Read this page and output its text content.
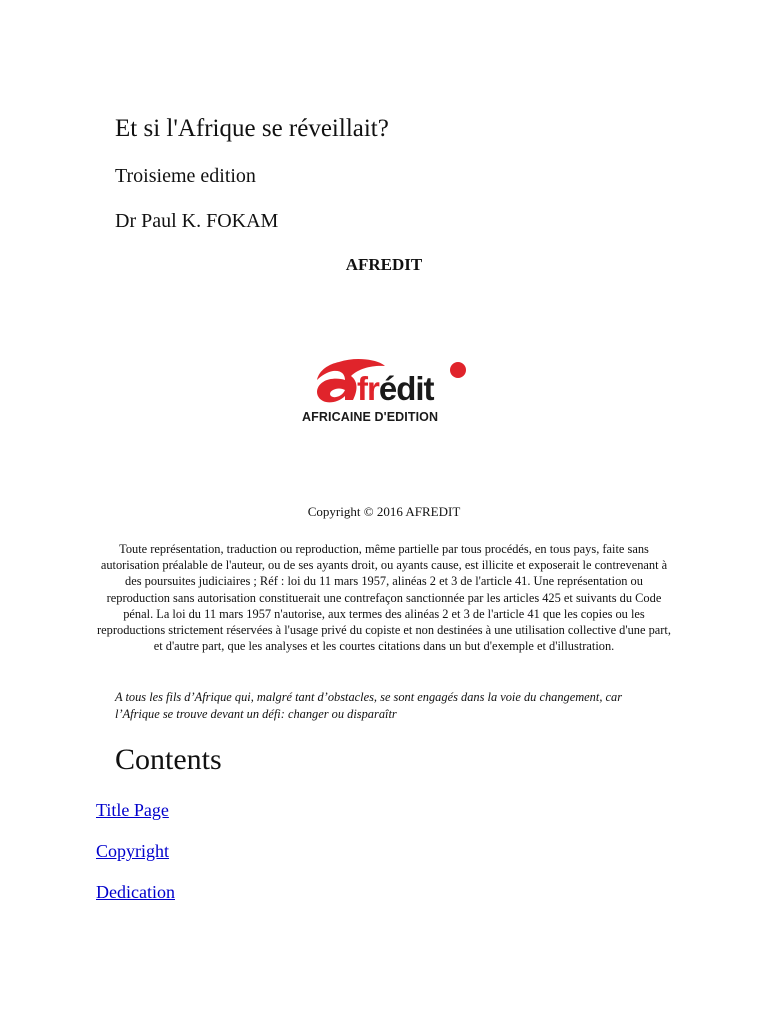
Et si l'Afrique se réveillait?
Troisieme edition
Dr Paul K. FOKAM
AFREDIT
frédit
AFRICAINE D'EDITION
Copyright © 2016 AFREDIT
Toute représentation, traduction ou reproduction, même partielle par tous procédés, en tous pays, faite sans autorisation préalable de l'auteur, ou de ses ayants droit, ou ayants cause, est illicite et exposerait le contrevenant à des poursuites judiciaires ; Réf : loi du 11 mars 1957, alinéas 2 et 3 de l'article 41. Une représentation ou reproduction sans autorisation constituerait une contrefaçon sanctionnée par les articles 425 et suivants du Code pénal. La loi du 11 mars 1957 n'autorise, aux termes des alinéas 2 et 3 de l'article 41 que les copies ou les reproductions strictement réservées à l'usage privé du copiste et non destinées à une utilisation collective d'une part, et d'autre part, que les analyses et les courtes citations dans un but d'exemple et d'illustration.
A tous les fils d’Afrique qui, malgré tant d’obstacles, se sont engagés dans la voie du changement, car l’Afrique se trouve devant un défi: changer ou disparaîtr
Contents
Title Page
Copyright
Dedication
